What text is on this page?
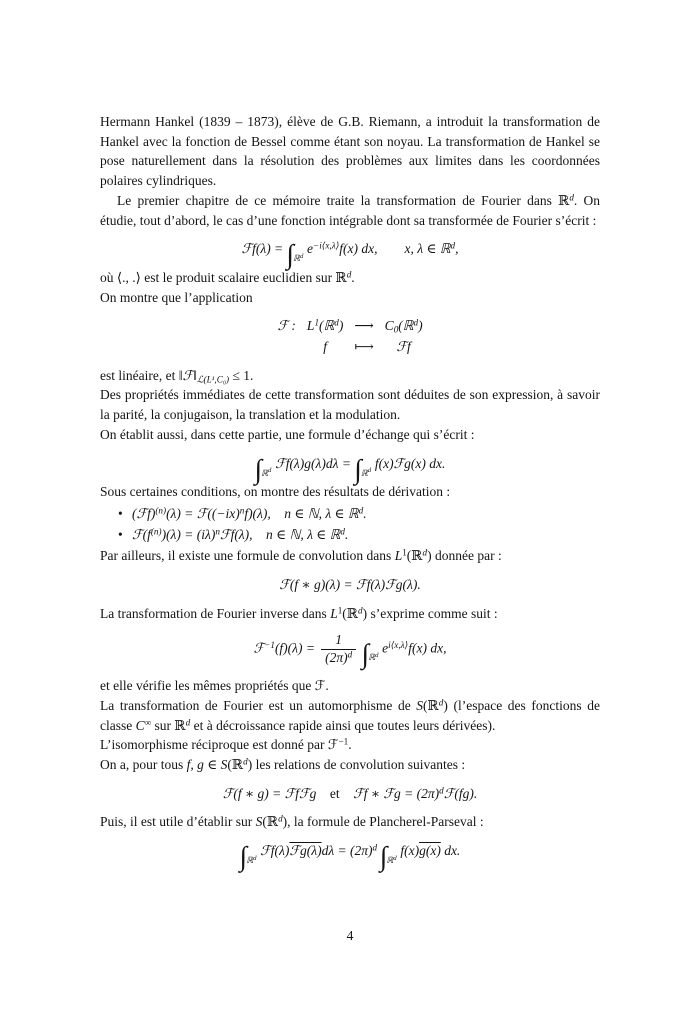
Hermann Hankel (1839 – 1873), élève de G.B. Riemann, a introduit la transformation de Hankel avec la fonction de Bessel comme étant son noyau. La transformation de Hankel se pose naturellement dans la résolution des problèmes aux limites dans les coordonnées polaires cylindriques.

Le premier chapitre de ce mémoire traite la transformation de Fourier dans ℝ$^d$. On étudie, tout d’abord, le cas d’une fonction intégrable dont sa transformée de Fourier s’écrit :

ℱf(λ) = $\int_{ℝd}$ $e^{-i⟨x,\lambda⟩}f(x)$ dx,  x, λ ∈ ℝ$^d$,

où ⟨., .⟩ est le produit scalaire euclidien sur ℝ$^d$.

On montre que l’application

ℱ : $L^1(ℝ^d)$ ⟶ C0(ℝ$^d$)
f ⟼ ℱf

est linéaire, et ‖ℱ‖ℒ(L¹,C₀) ≤ 1.

Des propriétés immédiates de cette transformation sont déduites de son expression, à savoir la parité, la conjugaison, la translation et la modulation.

On établit aussi, dans cette partie, une formule d’échange qui s’écrit :

$\int_{ℝd}$ ℱf(λ)g(λ)dλ = $\int_{ℝd}$ f(x)ℱg(x) dx.

Sous certaines conditions, on montre des résultats de dérivation :

• (ℱf)$^{(n)}$(λ) = $ℱ((-ix)^nf)(\lambda)$, n ∈ ℕ, λ ∈ ℝ$^d$.
• $ℱ(f^{(n)})(\lambda)$ = $(i\lambda)^nℱf(\lambda)$, n ∈ ℕ, λ ∈ ℝ$^d$.

Par ailleurs, il existe une formule de convolution dans $L^1(ℝ^d)$ donnée par :

ℱ(f ∗ g)(λ) = ℱf(λ)ℱg(λ).

La transformation de Fourier inverse dans $L^1(ℝ^d)$ s’exprime comme suit :

ℱ$^{-1}$(f)(λ) = $\frac{1}{(2\pi)^d}$
  $\int_{ℝd}$ $e^{i⟨x,\lambda⟩}f(x)$ dx,

et elle vérifie les mêmes propriétés que ℱ.

La transformation de Fourier est un automorphisme de S(ℝ$^d$) (l’espace des fonctions de classe C∞ sur ℝ$^d$ et à décroissance rapide ainsi que toutes leurs dérivées).

L’isomorphisme réciproque est donné par ℱ$^{-1}$.

On a, pour tous f, g ∈ S(ℝ$^d$) les relations de convolution suivantes :

ℱ(f ∗ g) = ℱfℱg et ℱf ∗ ℱg = $(2\pi)^dℱ(fg)$.

Puis, il est utile d’établir sur S(ℝ$^d$), la formule de Plancherel-Parseval :

$\int_{ℝd}$ ℱf(λ)ℱg(λ)dλ = $(2\pi)^d$ $\int_{ℝd}$ f(x)g(x) dx.
4
